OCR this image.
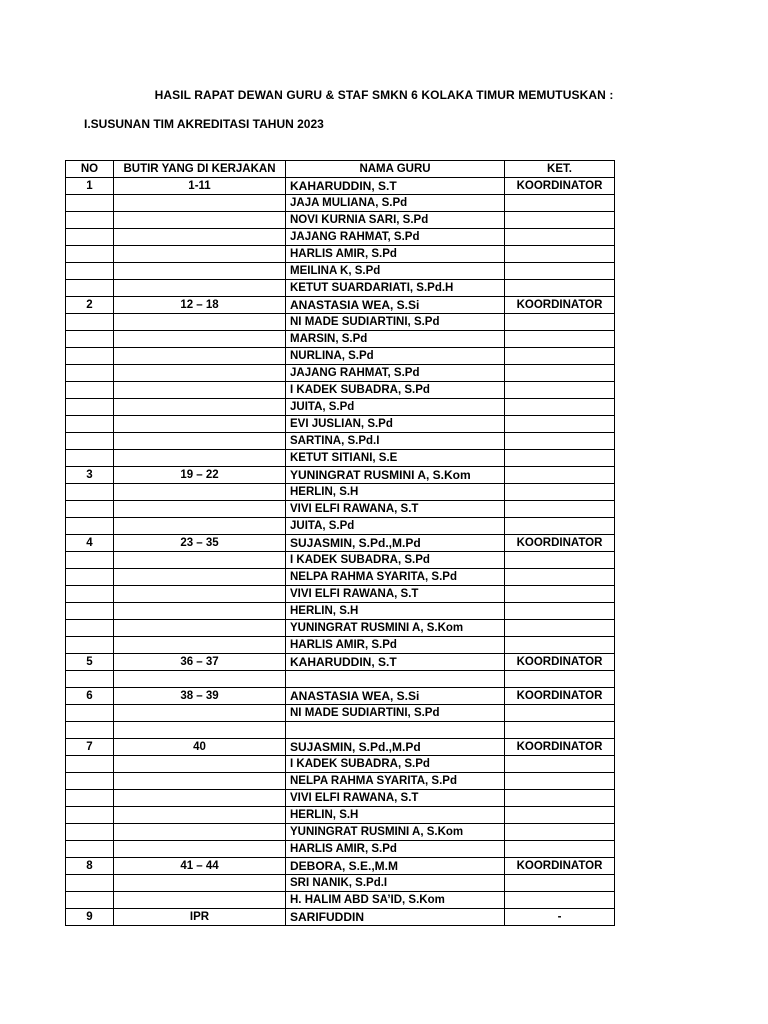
HASIL RAPAT DEWAN GURU & STAF SMKN 6 KOLAKA TIMUR MEMUTUSKAN :
I.SUSUNAN TIM AKREDITASI TAHUN 2023
NO	BUTIR YANG DI KERJAKAN	NAMA GURU	KET.
1	1-11	KAHARUDDIN, S.T	KOORDINATOR
		JAJA MULIANA, S.Pd	
		NOVI KURNIA SARI, S.Pd	
		JAJANG RAHMAT, S.Pd	
		HARLIS AMIR, S.Pd	
		MEILINA K, S.Pd	
		KETUT SUARDARIATI, S.Pd.H	
2	12 – 18	ANASTASIA WEA, S.Si	KOORDINATOR
		NI MADE SUDIARTINI, S.Pd	
		MARSIN, S.Pd	
		NURLINA, S.Pd	
		JAJANG RAHMAT, S.Pd	
		I KADEK SUBADRA, S.Pd	
		JUITA, S.Pd	
		EVI JUSLIAN, S.Pd	
		SARTINA, S.Pd.I	
		KETUT SITIANI, S.E	
3	19 – 22	YUNINGRAT RUSMINI A, S.Kom	
		HERLIN, S.H	
		VIVI ELFI RAWANA, S.T	
		JUITA, S.Pd	
4	23 – 35	SUJASMIN, S.Pd.,M.Pd	KOORDINATOR
		I KADEK SUBADRA, S.Pd	
		NELPA RAHMA SYARITA, S.Pd	
		VIVI ELFI RAWANA, S.T	
		HERLIN, S.H	
		YUNINGRAT RUSMINI A, S.Kom	
		HARLIS AMIR, S.Pd	
5	36 – 37	KAHARUDDIN, S.T	KOORDINATOR

6	38 – 39	ANASTASIA WEA, S.Si	KOORDINATOR
		NI MADE SUDIARTINI, S.Pd	

7	40	SUJASMIN, S.Pd.,M.Pd	KOORDINATOR
		I KADEK SUBADRA, S.Pd	
		NELPA RAHMA SYARITA, S.Pd	
		VIVI ELFI RAWANA, S.T	
		HERLIN, S.H	
		YUNINGRAT RUSMINI A, S.Kom	
		HARLIS AMIR, S.Pd	
8	41 – 44	DEBORA, S.E.,M.M	KOORDINATOR
		SRI NANIK, S.Pd.I	
		H. HALIM ABD SA’ID, S.Kom	
9	IPR	SARIFUDDIN	-
